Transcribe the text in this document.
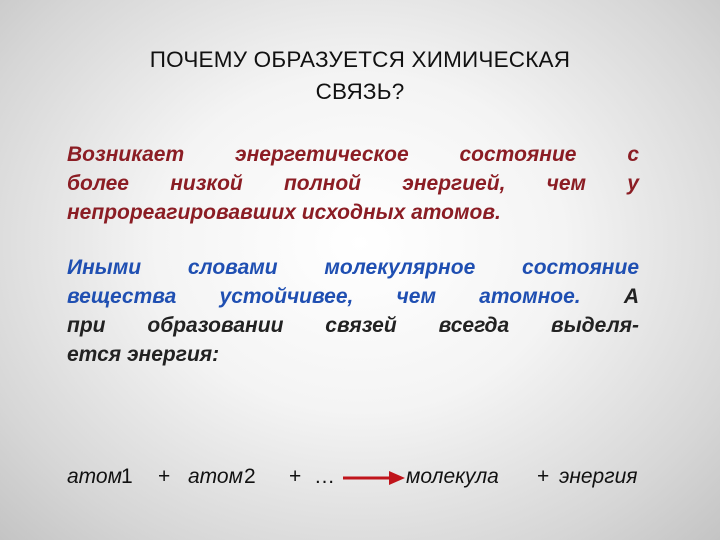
ПОЧЕМУ ОБРАЗУЕТСЯ ХИМИЧЕСКАЯ
СВЯЗЬ?
Возникает энергетическое состояние с
более низкой полной энергией, чем у
непрореагировавших исходных атомов.
Иными словами молекулярное состояние
вещества устойчивее, чем атомное. А
при образовании связей всегда выделя-
ется энергия:
атом
1 + атом 2 + …	молекула + энергия
